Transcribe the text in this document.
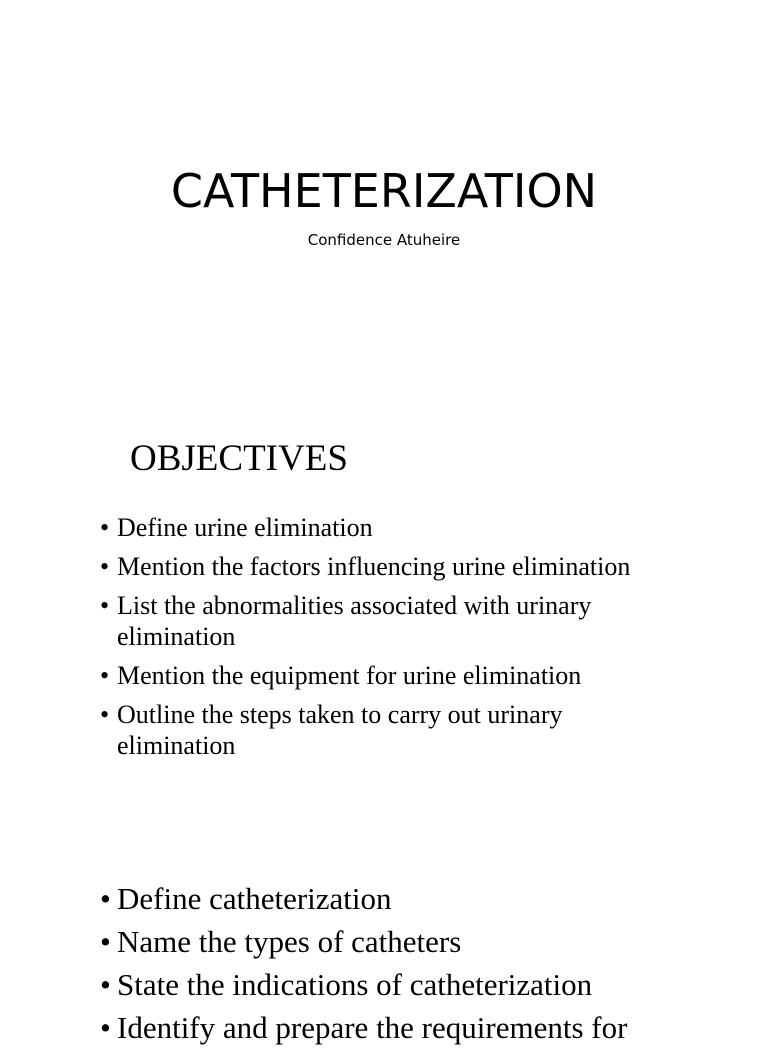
CATHETERIZATION
Confidence Atuheire
OBJECTIVES
• Define urine elimination
• Mention the factors influencing urine elimination
• List the abnormalities associated with urinary elimination
• Mention the equipment for urine elimination
• Outline the steps taken to carry out urinary elimination
• Define catheterization
• Name the types of catheters
• State the indications of catheterization
• Identify and prepare the requirements for
